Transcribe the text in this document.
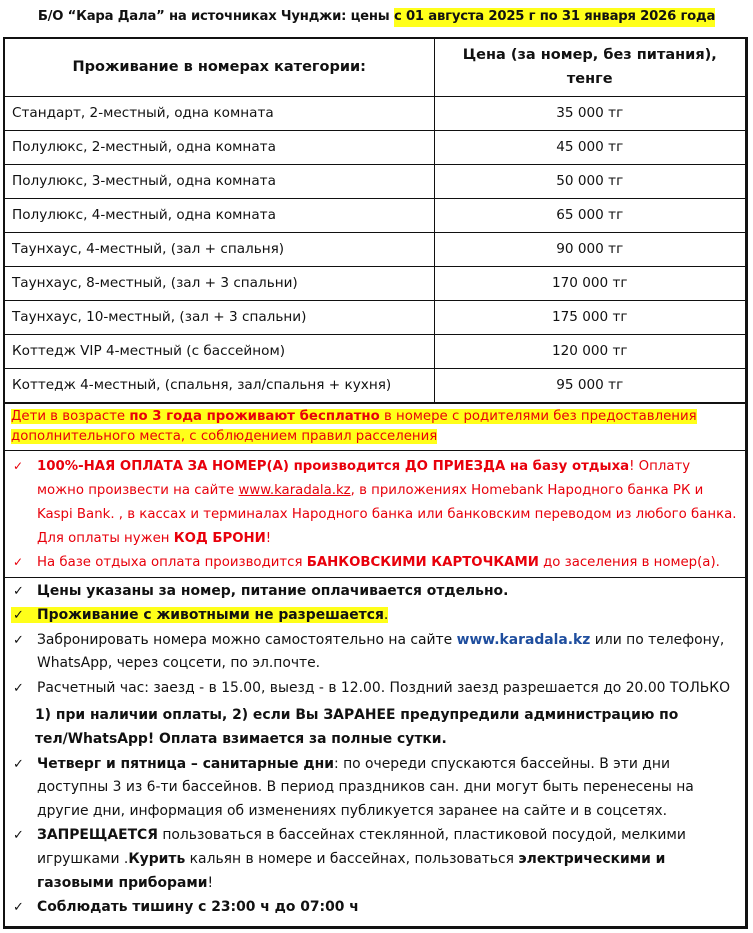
Б/О “Кара Дала” на источниках Чунджи: цены с 01 августа 2025 г по 31 января 2026 года
Проживание в номерах категории:	Цена (за номер, без питания), тенге
Стандарт, 2-местный, одна комната	35 000 тг
Полулюкс, 2-местный, одна комната	45 000 тг
Полулюкс, 3-местный, одна комната	50 000 тг
Полулюкс, 4-местный, одна комната	65 000 тг
Таунхаус, 4-местный, (зал + спальня)	90 000 тг
Таунхаус, 8-местный, (зал + 3 спальни)	170 000 тг
Таунхаус, 10-местный, (зал + 3 спальни)	175 000 тг
Коттедж VIP 4-местный (с бассейном)	120 000 тг
Коттедж 4-местный, (спальня, зал/спальня + кухня)	95 000 тг
Дети в возрасте по 3 года проживают бесплатно в номере с родителями без предоставления
дополнительного места, с соблюдением правил расселения
✓	100%-НАЯ ОПЛАТА ЗА НОМЕР(А) производится ДО ПРИЕЗДА на базу отдыха! Оплату можно произвести на сайте www.karadala.kz, в приложениях Homebank Народного банка РК и Kaspi Bank. , в кассах и терминалах Народного банка или банковским переводом из любого банка. Для оплаты нужен КОД БРОНИ!
✓	На базе отдыха оплата производится БАНКОВСКИМИ КАРТОЧКАМИ до заселения в номер(а).
✓ Цены указаны за номер, питание оплачивается отдельно.
✓ Проживание с животными не разрешается.
✓ Забронировать номера можно самостоятельно на сайте www.karadala.kz или по телефону, WhatsApp, через соцсети, по эл.почте.
✓ Расчетный час: заезд - в 15.00, выезд - в 12.00. Поздний заезд разрешается до 20.00 ТОЛЬКО
1) при наличии оплаты, 2) если Вы ЗАРАНЕЕ предупредили администрацию по тел/WhatsApp! Оплата взимается за полные сутки.
✓ Четверг и пятница – санитарные дни: по очереди спускаются бассейны. В эти дни доступны 3 из 6-ти бассейнов. В период праздников сан. дни могут быть перенесены на другие дни, информация об изменениях публикуется заранее на сайте и в соцсетях.
✓ ЗАПРЕЩАЕТСЯ пользоваться в бассейнах стеклянной, пластиковой посудой, мелкими игрушками .Курить кальян в номере и бассейнах, пользоваться электрическими и газовыми приборами!
✓ Соблюдать тишину с 23:00 ч до 07:00 ч
